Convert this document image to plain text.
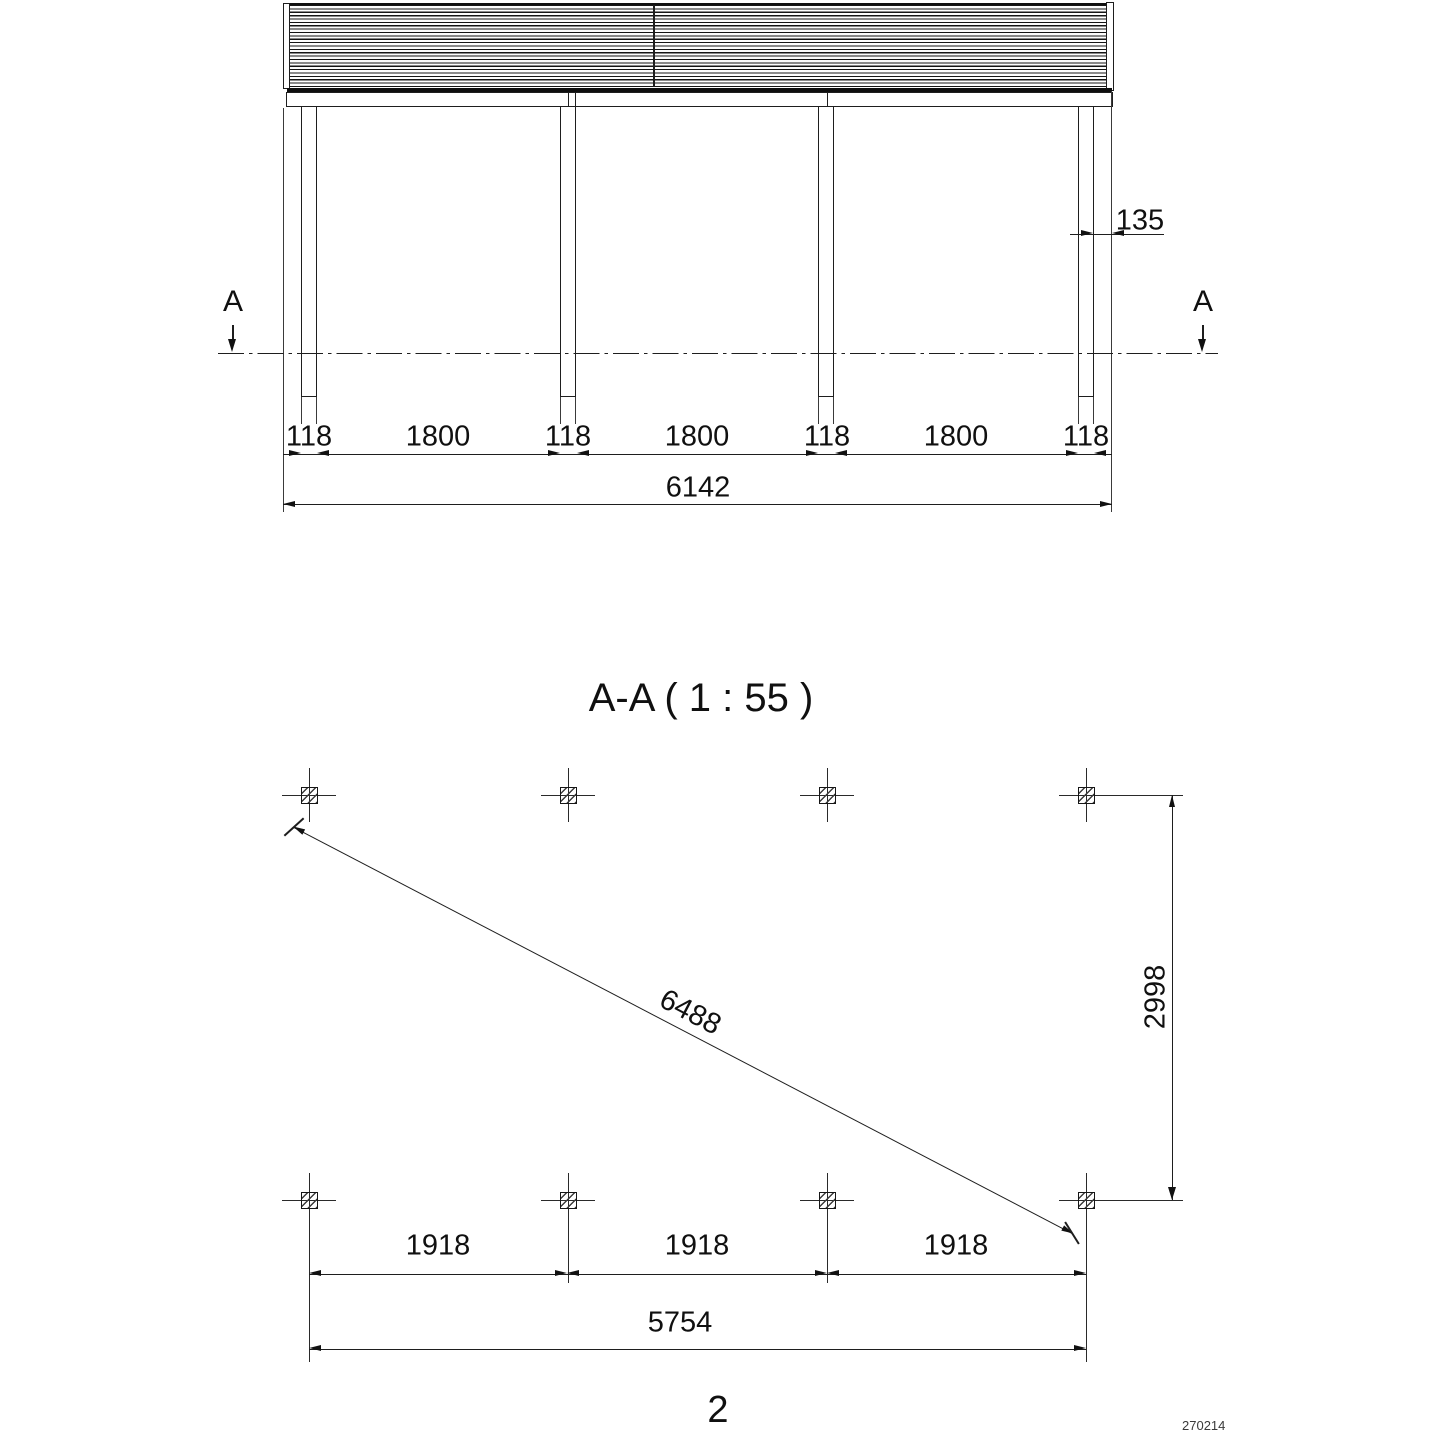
A	A
135
118	1800	118	1800	118	1800	118
6142
A-A ( 1 : 55 )
6488	2998
1918	1918	1918
5754
2	270214
